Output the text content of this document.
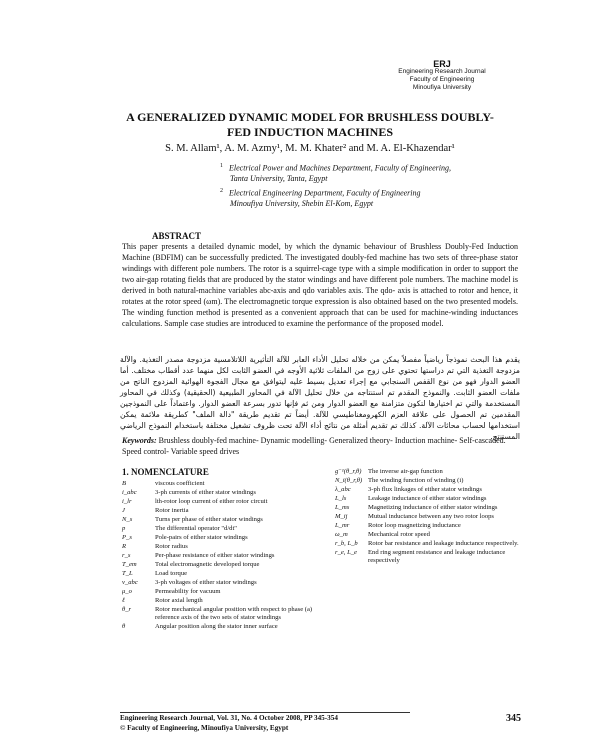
ERJ
Engineering Research Journal
Faculty of Engineering
Minoufiya University
A GENERALIZED DYNAMIC MODEL FOR BRUSHLESS DOUBLY-FED INDUCTION MACHINES
S. M. Allam¹, A. M. Azmy¹, M. M. Khater² and M. A. El-Khazendar¹
$^1$ Electrical Power and Machines Department, Faculty of Engineering,
Tanta University, Tanta, Egypt
$^2$ Electrical Engineering Department, Faculty of Engineering
Minoufiya University, Shebin El-Kom, Egypt
ABSTRACT
This paper presents a detailed dynamic model, by which the dynamic behaviour of Brushless Doubly-Fed Induction Machine (BDFIM) can be successfully predicted. The investigated doubly-fed machine has two sets of three-phase stator windings with different pole numbers. The rotor is a squirrel-cage type with a simple modification in order to support the two air-gap rotating fields that are produced by the stator windings and have different pole numbers. The machine model is derived in both natural-machine variables abc-axis and qdo variables axis. The qdo- axis is attached to rotor and hence, it rotates at the rotor speed (ωm). The electromagnetic torque expression is also obtained based on the two presented models. The winding function method is presented as a convenient approach that can be used for machine-winding inductances calculations. Sample case studies are introduced to examine the performance of the proposed model.
يقدم هذا البحث نموذجاً رياضياً مفصلاً يمكن من خلاله تحليل الأداء العابر للآلة التأثيرية اللاتلامسية مزدوجة مصدر التغذية. والآلة مزدوجة التغذية التي تم دراستها تحتوي على زوج من الملفات ثلاثية الأوجه في العضو الثابت لكل منهما عدد أقطاب مختلف. أما العضو الدوار فهو من نوع القفص السنجابي مع إجراء تعديل بسيط عليه ليتوافق مع مجال الفجوة الهوائية المزدوج الناتج من ملفات العضو الثابت. والنموذج المقدم تم استنتاجه من خلال تحليل الآلة في المحاور الطبيعية (الحقيقية) وكذلك في المحاور المستخدمة والتي تم اختيارها لتكون متزامنة مع العضو الدوار ومن ثم فإنها تدور بسرعة العضو الدوار. واعتماداً على النموذجين المقدمين تم الحصول على علاقة العزم الكهرومغناطيسي للآلة. أيضاً تم تقديم طريقة "دالة الملف" كطريقة ملائمة يمكن استخدامها لحساب محاثات الآلة. كذلك تم تقديم أمثلة من نتائج أداء الآلة تحت ظروف تشغيل مختلفة باستخدام النموذج الرياضي المستنتج.
Keywords: Brushless doubly-fed machine- Dynamic modelling- Generalized theory- Induction machine- Self-cascaded. Speed control- Variable speed drives
1. NOMENCLATURE
B	viscous coefficient
i_abc	3-ph currents of either stator windings
i_lr	lth-rotor loop current of either rotor circuit
J	Rotor inertia
N_s	Turns per phase of either stator windings
p	The differential operator "d/dt"
P_s	Pole-pairs of either stator windings
R	Rotor radius
r_s	Per-phase resistance of either stator windings
T_em	Total electromagnetic developed torque
T_L	Load torque
v_abc	3-ph voltages of either stator windings
μ_o	Permeability for vacuum
ℓ	Rotor axial length
θ_r	Rotor mechanical angular position with respect to phase (a) reference axis of the two sets of stator windings
θ	Angular position along the stator inner surface
g⁻¹(θ_r,θ)	The inverse air-gap function
N_i(θ_r,θ)	The winding function of winding (i)
λ_abc	3-ph flux linkages of either stator windings
L_ls	Leakage inductance of either stator windings
L_ms	Magnetizing inductance of either stator windings
M_ij	Mutual inductance between any two rotor loops
L_mr	Rotor loop magnetizing inductance
ω_m	Mechanical rotor speed
r_b, L_b	Rotor bar resistance and leakage inductance respectively.
r_e, L_e	End ring segment resistance and leakage inductance respectively
Engineering Research Journal, Vol. 31, No. 4 October 2008, PP 345-354
© Faculty of Engineering, Minoufiya University, Egypt
345
